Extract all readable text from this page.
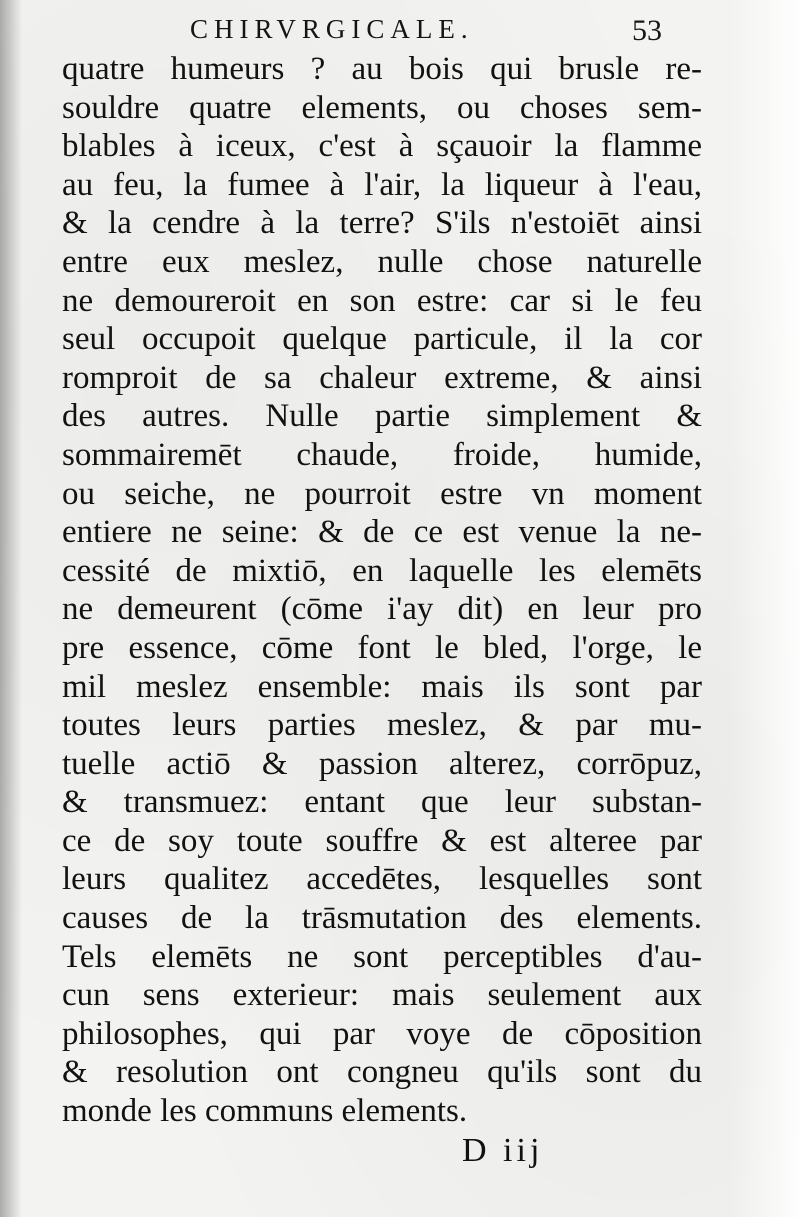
CHIRVRGICALE.	53
quatre humeurs ? au bois qui brusle re-
souldre quatre elements, ou choses sem-
blables à iceux, c'est à sçauoir la flamme
au feu, la fumee à l'air, la liqueur à l'eau,
& la cendre à la terre? S'ils n'estoiēt ainsi
entre eux meslez, nulle chose naturelle
ne demoureroit en son estre: car si le feu
seul occupoit quelque particule, il la cor
romproit de sa chaleur extreme, & ainsi
des autres. Nulle partie simplement &
sommairemēt chaude, froide, humide,
ou seiche, ne pourroit estre vn moment
entiere ne seine: & de ce est venue la ne-
cessité de mixtiō, en laquelle les elemēts
ne demeurent (cōme i'ay dit) en leur pro
pre essence, cōme font le bled, l'orge, le
mil meslez ensemble: mais ils sont par
toutes leurs parties meslez, & par mu-
tuelle actiō & passion alterez, corrōpuz,
& transmuez: entant que leur substan-
ce de soy toute souffre & est alteree par
leurs qualitez accedētes, lesquelles sont
causes de la trāsmutation des elements.
Tels elemēts ne sont perceptibles d'au-
cun sens exterieur: mais seulement aux
philosophes, qui par voye de cōposition
& resolution ont congneu qu'ils sont du
monde les communs elements.
D iij
